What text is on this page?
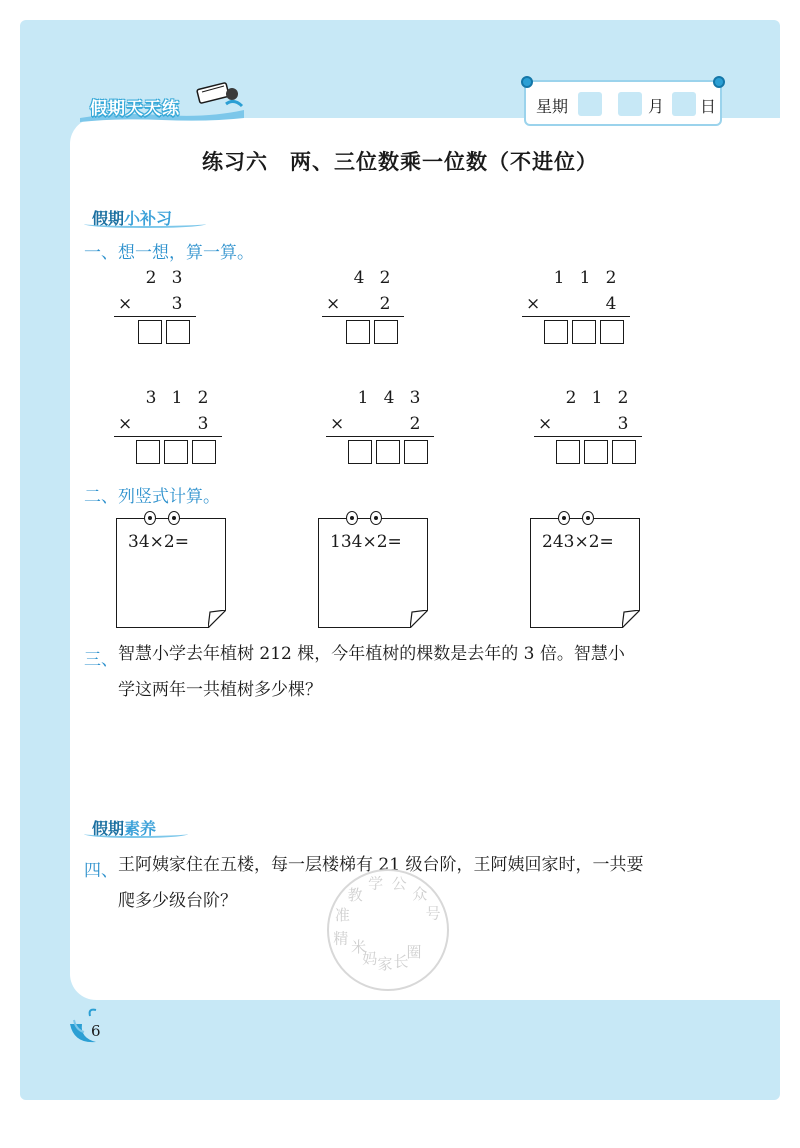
假期天天练	星期	月 日
练习六　两、三位数乘一位数（不进位）
假期小补习
一、想一想，算一算。
2 3
×	3
4 2
×	2
1 1 2
×	4
3 1 2
×	3
1 4 3
×	2
2 1 2
×	3
二、列竖式计算。
34×2=	134×2=	243×2=
三、 智慧小学去年植树 212 棵，今年植树的棵数是去年的 3 倍。智慧小
学这两年一共植树多少棵？
假期素养
四、 王阿姨家住在五楼，每一层楼梯有 21 级台阶，王阿姨回家时，一共要
爬多少级台阶？
精
准
教
学 公
众
号
米
妈 家 长
圈
6
